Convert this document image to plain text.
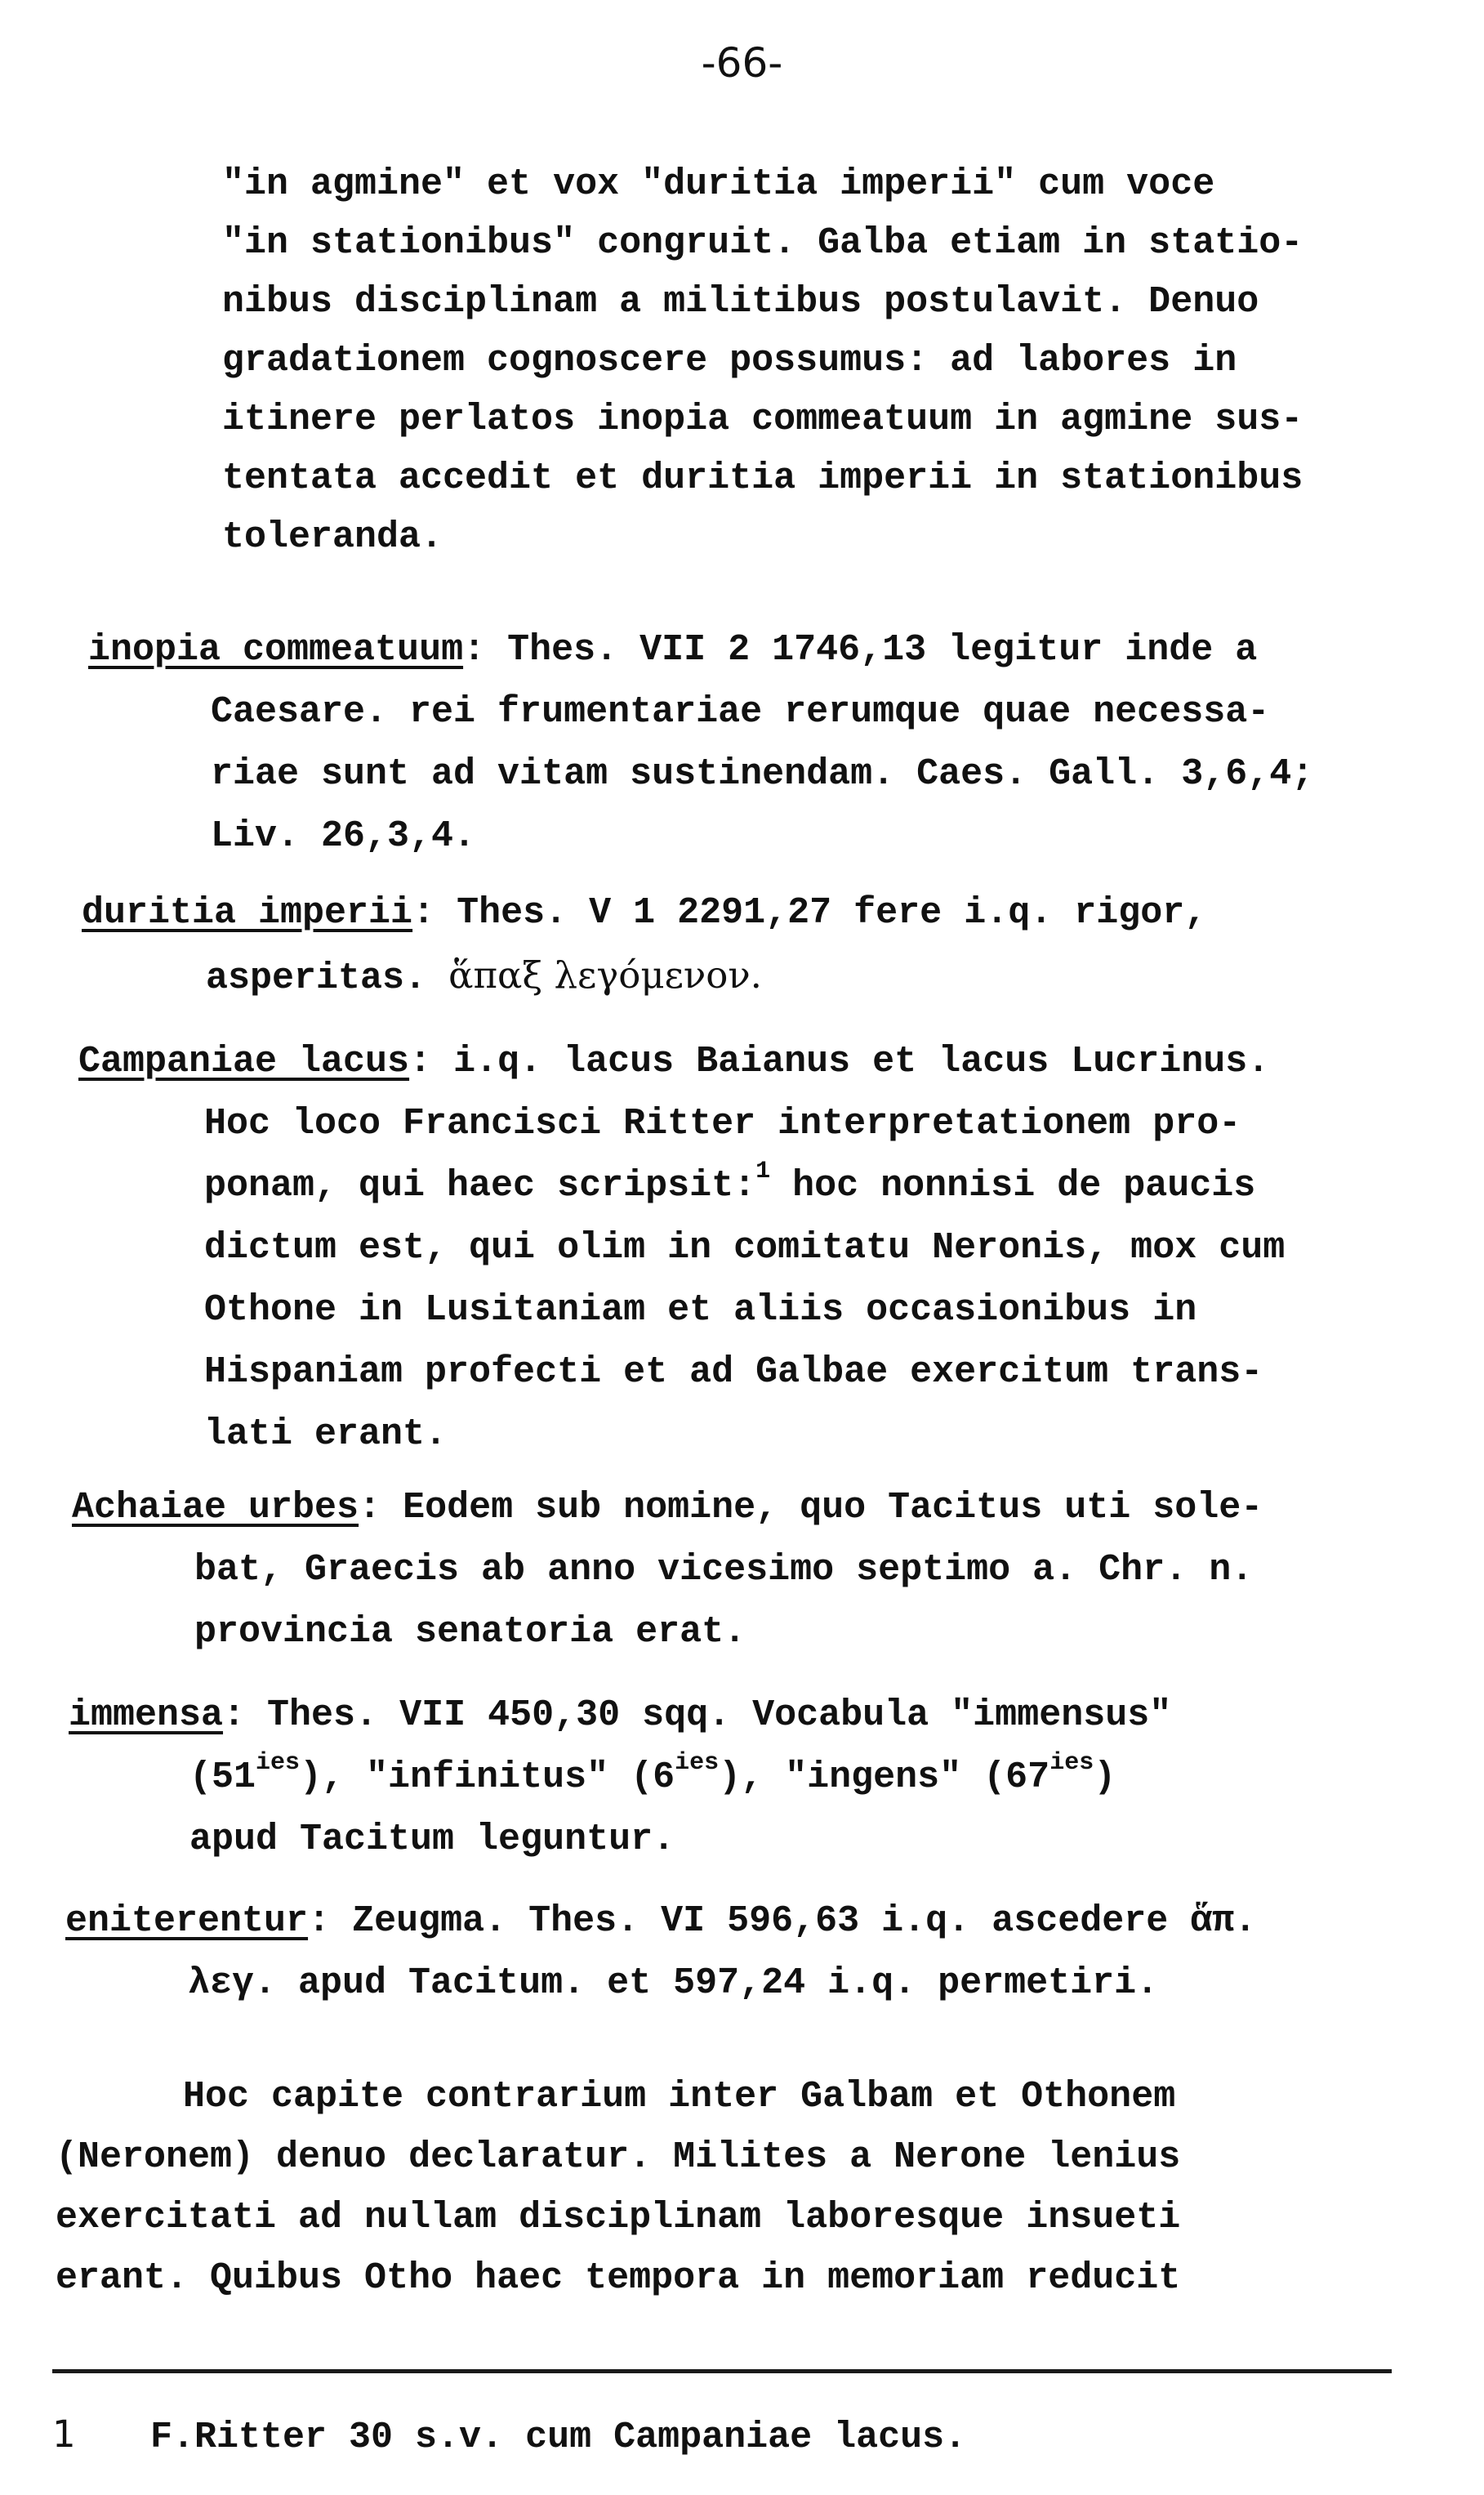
-66-
"in agmine" et vox "duritia imperii" cum voce
"in stationibus" congruit. Galba etiam in statio-
nibus disciplinam a militibus postulavit. Denuo
gradationem cognoscere possumus: ad labores in
itinere perlatos inopia commeatuum in agmine sus-
tentata accedit et duritia imperii in stationibus
toleranda.
inopia commeatuum: Thes. VII 2 1746,13 legitur inde a
Caesare. rei frumentariae rerumque quae necessa-
riae sunt ad vitam sustinendam. Caes. Gall. 3,6,4;
Liv. 26,3,4.
duritia imperii: Thes. V 1 2291,27 fere i.q. rigor,
asperitas. ἅπαξ λεγόμενον.
Campaniae lacus: i.q. lacus Baianus et lacus Lucrinus.
Hoc loco Francisci Ritter interpretationem pro-
ponam, qui haec scripsit:$^1$ hoc nonnisi de paucis
dictum est, qui olim in comitatu Neronis, mox cum
Othone in Lusitaniam et aliis occasionibus in
Hispaniam profecti et ad Galbae exercitum trans-
lati erant.
Achaiae urbes: Eodem sub nomine, quo Tacitus uti sole-
bat, Graecis ab anno vicesimo septimo a. Chr. n.
provincia senatoria erat.
immensa: Thes. VII 450,30 sqq. Vocabula "immensus"
$(51^{ies})$, "infinitus" $(6^{ies})$, "ingens" $(67^{ies})$
apud Tacitum leguntur.
eniterentur: Zeugma. Thes. VI 596,63 i.q. ascedere ἅπ.
λεγ. apud Tacitum. et 597,24 i.q. permetiri.
Hoc capite contrarium inter Galbam et Othonem
(Neronem) denuo declaratur. Milites a Nerone lenius
exercitati ad nullam disciplinam laboresque insueti
erant. Quibus Otho haec tempora in memoriam reducit
1 F.Ritter 30 s.v. cum Campaniae lacus.
